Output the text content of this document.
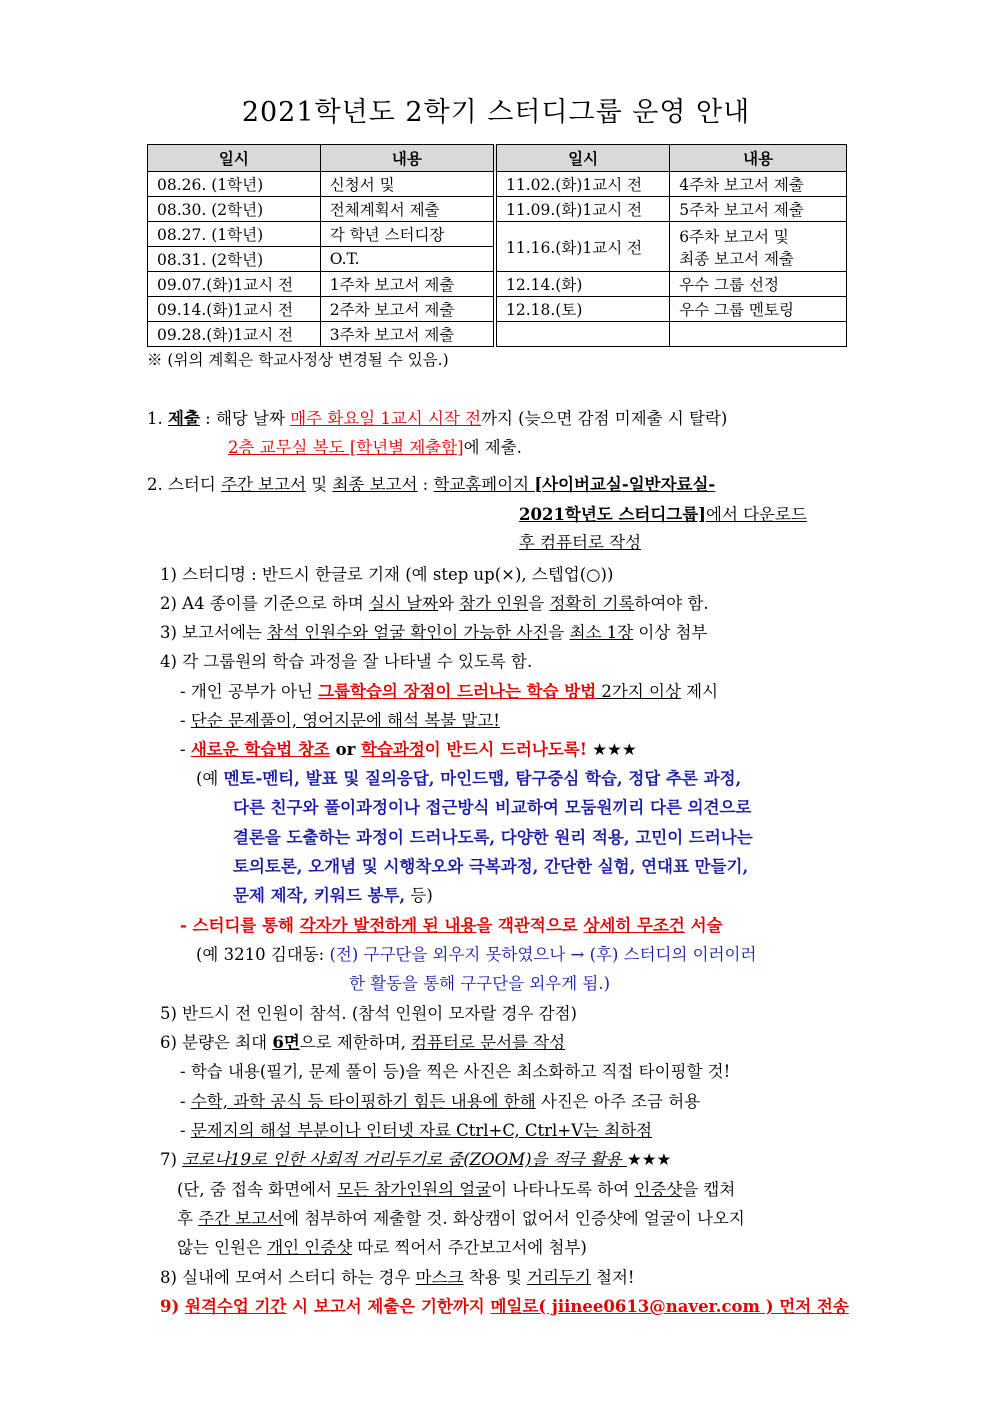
2021학년도 2학기 스터디그룹 운영 안내
일시	내용	일시	내용
08.26. (1학년)	신청서 및	11.02.(화)1교시 전	4주차 보고서 제출
08.30. (2학년)	전체계획서 제출	11.09.(화)1교시 전	5주차 보고서 제출
08.27. (1학년)	각 학년 스터디장	11.16.(화)1교시 전	6주차 보고서 및
최종 보고서 제출

08.31. (2학년)	O.T.		
09.07.(화)1교시 전	1주차 보고서 제출	12.14.(화)	우수 그룹 선정
09.14.(화)1교시 전	2주차 보고서 제출	12.18.(토)	우수 그룹 멘토링
09.28.(화)1교시 전	3주차 보고서 제출		
※ (위의 계획은 학교사정상 변경될 수 있음.)
1. 제출 : 해당 날짜 매주 화요일 1교시 시작 전까지 (늦으면 감점 미제출 시 탈락)
2층 교무실 복도 [학년별 제출함]에 제출.
2. 스터디 주간 보고서 및 최종 보고서 : 학교홈페이지 [사이버교실-일반자료실-
2021학년도 스터디그룹]에서 다운로드
후 컴퓨터로 작성
1) 스터디명 : 반드시 한글로 기재 (예 step up(×), 스텝업(○))
2) A4 종이를 기준으로 하며 실시 날짜와 참가 인원을 정확히 기록하여야 함.
3) 보고서에는 참석 인원수와 얼굴 확인이 가능한 사진을 최소 1장 이상 첨부
4) 각 그룹원의 학습 과정을 잘 나타낼 수 있도록 함.
- 개인 공부가 아닌 그룹학습의 장점이 드러나는 학습 방법 2가지 이상 제시
- 단순 문제풀이, 영어지문에 해석 복불 말고!
- 새로운 학습법 창조 or 학습과정이 반드시 드러나도록! ★★★
(예 멘토-멘티, 발표 및 질의응답, 마인드맵, 탐구중심 학습, 정답 추론 과정,
다른 친구와 풀이과정이나 접근방식 비교하여 모둠원끼리 다른 의견으로
결론을 도출하는 과정이 드러나도록, 다양한 원리 적용, 고민이 드러나는
토의토론, 오개념 및 시행착오와 극복과정, 간단한 실험, 연대표 만들기,
문제 제작, 키워드 봉투, 등)
- 스터디를 통해 각자가 발전하게 된 내용을 객관적으로 상세히 무조건 서술
(예 3210 김대동: (전) 구구단을 외우지 못하였으나 → (후) 스터디의 이러이러
한 활동을 통해 구구단을 외우게 됨.)
5) 반드시 전 인원이 참석. (참석 인원이 모자랄 경우 감점)
6) 분량은 최대 6면으로 제한하며, 컴퓨터로 문서를 작성
- 학습 내용(필기, 문제 풀이 등)을 찍은 사진은 최소화하고 직접 타이핑할 것!
- 수학, 과학 공식 등 타이핑하기 힘든 내용에 한해 사진은 아주 조금 허용
- 문제지의 해설 부분이나 인터넷 자료 Ctrl+C, Ctrl+V는 최하점
7) 코로나19로 인한 사회적 거리두기로 줌(ZOOM)을 적극 활용 ★★★
(단, 줌 접속 화면에서 모든 참가인원의 얼굴이 나타나도록 하여 인증샷을 캡쳐
후 주간 보고서에 첨부하여 제출할 것. 화상캠이 없어서 인증샷에 얼굴이 나오지
않는 인원은 개인 인증샷 따로 찍어서 주간보고서에 첨부)
8) 실내에 모여서 스터디 하는 경우 마스크 착용 및 거리두기 철저!
9) 원격수업 기간 시 보고서 제출은 기한까지 메일로( jiinee0613@naver.com ) 먼저 전송
